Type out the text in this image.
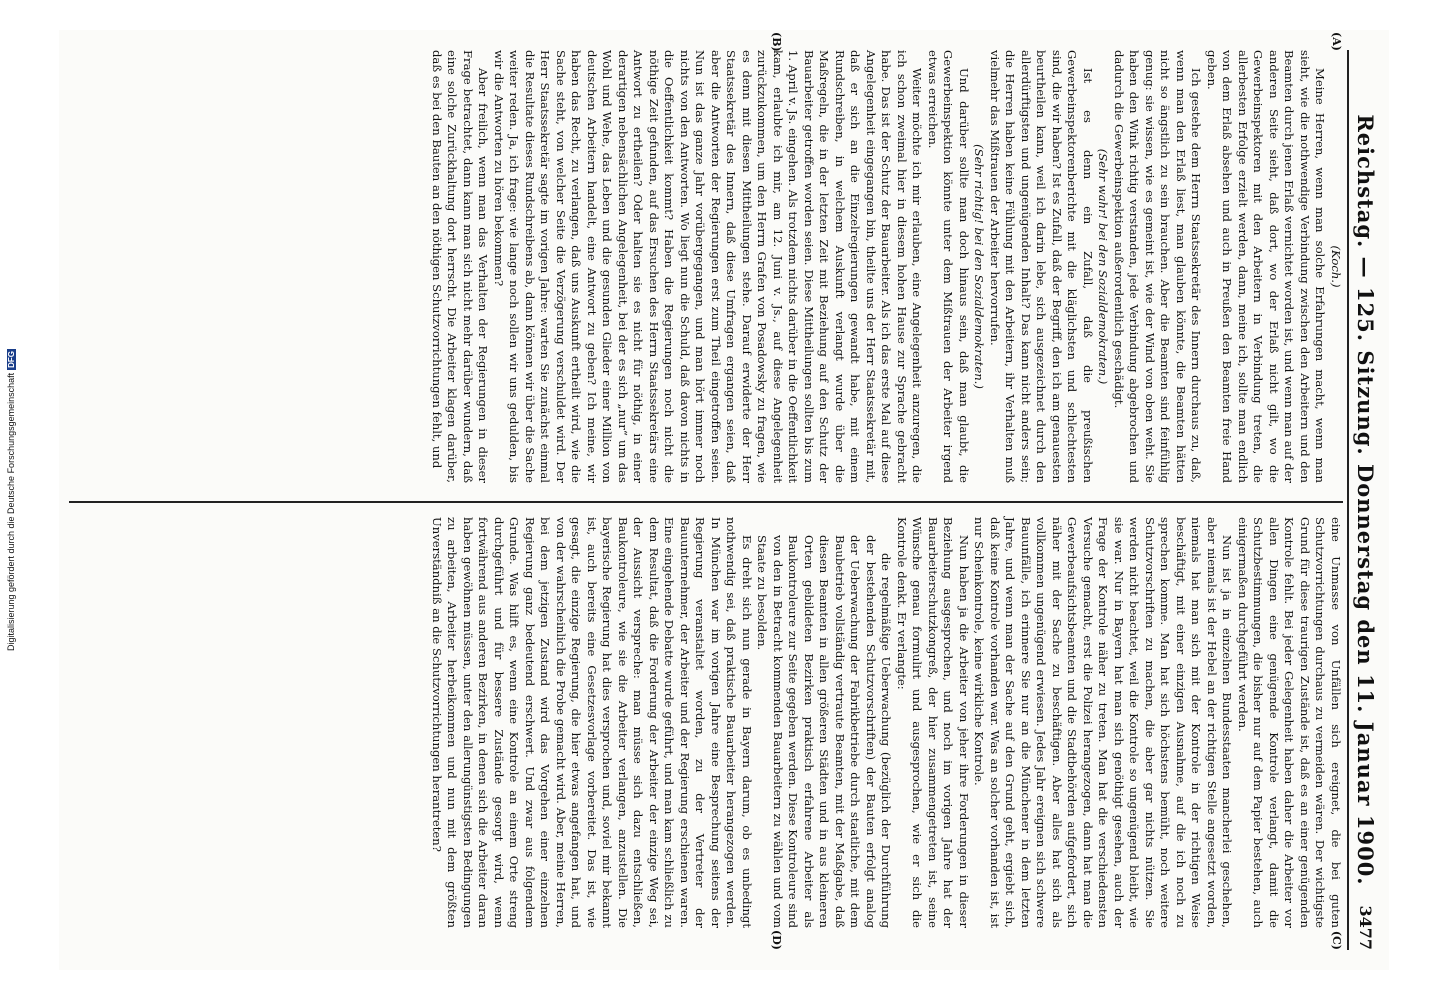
Digitalisierung gefördert durch die Deutsche ForschungsgemeinschaftDFG	Reichstag. — 125. Sitzung. Donnerstag den 11. Januar 1900.
3477
(A)
(B)

(Koch.)

Meine Herren, wenn man solche Erfahrungen macht, wenn man sieht, wie die nothwendige Verbindung zwischen den Arbeitern und den Beamten durch jenen Erlaß vernichtet worden ist, und wenn man auf der anderen Seite sieht, daß dort, wo der Erlaß nicht gilt, wo die Gewerbeinspektoren mit den Arbeitern in Verbindung treten, die allerbesten Erfolge erzielt werden, dann, meine ich, sollte man endlich von dem Erlaß absehen und auch in Preußen den Beamten freie Hand geben.

Ich gestehe dem Herrn Staatssekretär des Innern durchaus zu, daß, wenn man den Erlaß liest, man glauben könnte, die Beamten hätten nicht so ängstlich zu sein brauchen. Aber die Beamten sind feinfühlig genug: sie wissen, wie es gemeint ist, wie der Wind von oben weht. Sie haben den Wink richtig verstanden, jede Verbindung abgebrochen und dadurch die Gewerbeinspektion außerordentlich geschädigt.

(Sehr wahr! bei den Sozialdemokraten.)

Ist es denn ein Zufall, daß die preußischen Gewerbeinspektorenberichte mit die kläglichsten und schlechtesten sind, die wir haben? Ist es Zufall, daß der Begriff, den ich am genauesten beurtheilen kann, weil ich darin lebe, sich ausgezeichnet durch den allerdürftigsten und ungenügenden Inhalt? Das kann nicht anders sein; die Herren haben keine Fühlung mit den Arbeitern, ihr Verhalten muß vielmehr das Mißtrauen der Arbeiter hervorrufen.

(Sehr richtig! bei den Sozialdemokraten.)

Und darüber sollte man doch hinaus sein, daß man glaubt, die Gewerbeinspektion könnte unter dem Mißtrauen der Arbeiter irgend etwas erreichen.

Weiter möchte ich mir erlauben, eine Angelegenheit anzuregen, die ich schon zweimal hier in diesem hohen Hause zur Sprache gebracht habe. Das ist der Schutz der Bauarbeiter. Als ich das erste Mal auf diese Angelegenheit eingegangen bin, theilte uns der Herr Staatssekretär mit, daß er sich an die Einzelregierungen gewandt habe, mit einem Rundschreiben, in welchem Auskunft verlangt wurde über die Maßregeln, die in der letzten Zeit mit Beziehung auf den Schutz der Bauarbeiter getroffen worden seien. Diese Mittheilungen sollten bis zum 1. April v. Js. eingehen. Als trotzdem nichts darüber in die Oeffentlichkeit kam, erlaubte ich mir, am 12. Juni v. Js., auf diese Angelegenheit zurückzukommen, um den Herrn Grafen von Posadowsky zu fragen, wie es denn mit diesen Mittheilungen stehe. Darauf erwiderte der Herr Staatssekretär des Innern, daß diese Umfragen ergangen seien, daß aber die Antworten der Regierungen erst zum Theil eingetroffen seien. Nun ist das ganze Jahr vorübergegangen, und man hört immer noch nichts von den Antworten. Wo liegt nun die Schuld, daß davon nichts in die Oeffentlichkeit kommt? Haben die Regierungen noch nicht die nöthige Zeit gefunden, auf das Ersuchen des Herrn Staatssekretärs eine Antwort zu ertheilen? Oder halten sie es nicht für nöthig, in einer derartigen nebensächlichen Angelegenheit, bei der es sich „nur“ um das Wohl und Wehe, das Leben und die gesunden Glieder einer Million von deutschen Arbeitern handelt, eine Antwort zu geben? Ich meine, wir haben das Recht, zu verlangen, daß uns Auskunft ertheilt wird, wie die Sache steht, von welcher Seite die Verzögerung verschuldet wird. Der Herr Staatssekretär sagte im vorigen Jahre: warten Sie zunächst einmal die Resultate dieses Rundschreibens ab, dann können wir über die Sache weiter reden. Ja, ich frage: wie lange noch sollen wir uns gedulden, bis wir die Antworten zu hören bekommen?

Aber freilich, wenn man das Verhalten der Regierungen in dieser Frage betrachtet, dann kann man sich nicht mehr darüber wundern, daß eine solche Zurückhaltung dort herrscht. Die Arbeiter klagen darüber, daß es bei den Bauten an den nöthigen Schutzvorrichtungen fehlt, und

(C)
(D)

eine Unmasse von Unfällen sich ereignet, die bei guten Schutzvorrichtungen durchaus zu vermeiden wären. Der wichtigste Grund für diese traurigen Zustände ist, daß es an einer genügenden Kontrole fehlt. Bei jeder Gelegenheit haben daher die Arbeiter vor allen Dingen eine genügende Kontrole verlangt, damit die Schutzbestimmungen, die bisher nur auf dem Papier bestehen, auch einigermaßen durchgeführt werden.

Nun ist ja in einzelnen Bundesstaaten mancherlei geschehen, aber niemals ist der Hebel an der richtigen Stelle angesetzt worden, niemals hat man sich mit der Kontrole in der richtigen Weise beschäftigt, mit einer einzigen Ausnahme, auf die ich noch zu sprechen komme. Man hat sich höchstens bemüht, noch weitere Schutzvorschriften zu machen, die aber gar nichts nützen. Sie werden nicht beachtet, weil die Kontrole so ungenügend bleibt, wie sie war. Nur in Bayern hat man sich genöthigt gesehen, auch der Frage der Kontrole näher zu treten. Man hat die verschiedensten Versuche gemacht, erst die Polizei herangezogen, dann hat man die Gewerbeaufsichtsbeamten und die Stadtbehörden aufgefordert, sich näher mit der Sache zu beschäftigen. Aber alles hat sich als vollkommen ungenügend erwiesen. Jedes Jahr ereignen sich schwere Bauunfälle, ich erinnere Sie nur an die Münchener in dem letzten Jahre, und wenn man der Sache auf den Grund geht, ergiebt sich, daß keine Kontrole vorhanden war. Was an solcher vorhanden ist, ist nur Scheinkontrole, keine wirkliche Kontrole.

Nun haben ja die Arbeiter von jeher ihre Forderungen in dieser Beziehung ausgesprochen, und noch im vorigen Jahre hat der Bauarbeiterschutzkongreß, der hier zusammengetreten ist, seine Wünsche genau formulirt und ausgesprochen, wie er sich die Kontrole denkt. Er verlangte:

die regelmäßige Ueberwachung (bezüglich der Durchführung der bestehenden Schutzvorschriften) der Bauten erfolgt analog der Ueberwachung der Fabrikbetriebe durch staatliche, mit dem Baubetrieb vollständig vertraute Beamten, mit der Maßgabe, daß diesen Beamten in allen größeren Städten und in aus kleineren Orten gebildeten Bezirken praktisch erfahrene Arbeiter als Baukontroleure zur Seite gegeben werden. Diese Kontroleure sind von den in Betracht kommenden Bauarbeitern zu wählen und vom Staate zu besolden.

Es dreht sich nun gerade in Bayern darum, ob es unbedingt nothwendig sei, daß praktische Bauarbeiter herangezogen werden. In München war im vorigen Jahre eine Besprechung seitens der Regierung veranstaltet worden, zu der Vertreter der Bauunternehmer, der Arbeiter und der Regierung erschienen waren. Eine eingehende Debatte wurde geführt, und man kam schließlich zu dem Resultat, daß die Forderung der Arbeiter der einzige Weg sei, der Aussicht verspreche: man müsse sich dazu entschließen, Baukontroleure, wie sie die Arbeiter verlangen, anzustellen. Die bayerische Regierung hat dies versprochen und, soviel mir bekannt ist, auch bereits eine Gesetzesvorlage vorbereitet. Das ist, wie gesagt, die einzige Regierung, die hier etwas angefangen hat, und von der wahrscheinlich die Probe gemacht wird. Aber, meine Herren, bei dem jetzigen Zustand wird das Vorgehen einer einzelnen Regierung ganz bedeutend erschwert. Und zwar aus folgendem Grunde. Was hilft es, wenn eine Kontrole an einem Orte streng durchgeführt und für bessere Zustände gesorgt wird, wenn fortwährend aus anderen Bezirken, in denen sich die Arbeiter daran haben gewöhnen müssen, unter den allerungünstigsten Bedingungen zu arbeiten, Arbeiter herbeikommen und nun mit dem größten Unverständniß an die Schutzvorrichtungen herantreten?
